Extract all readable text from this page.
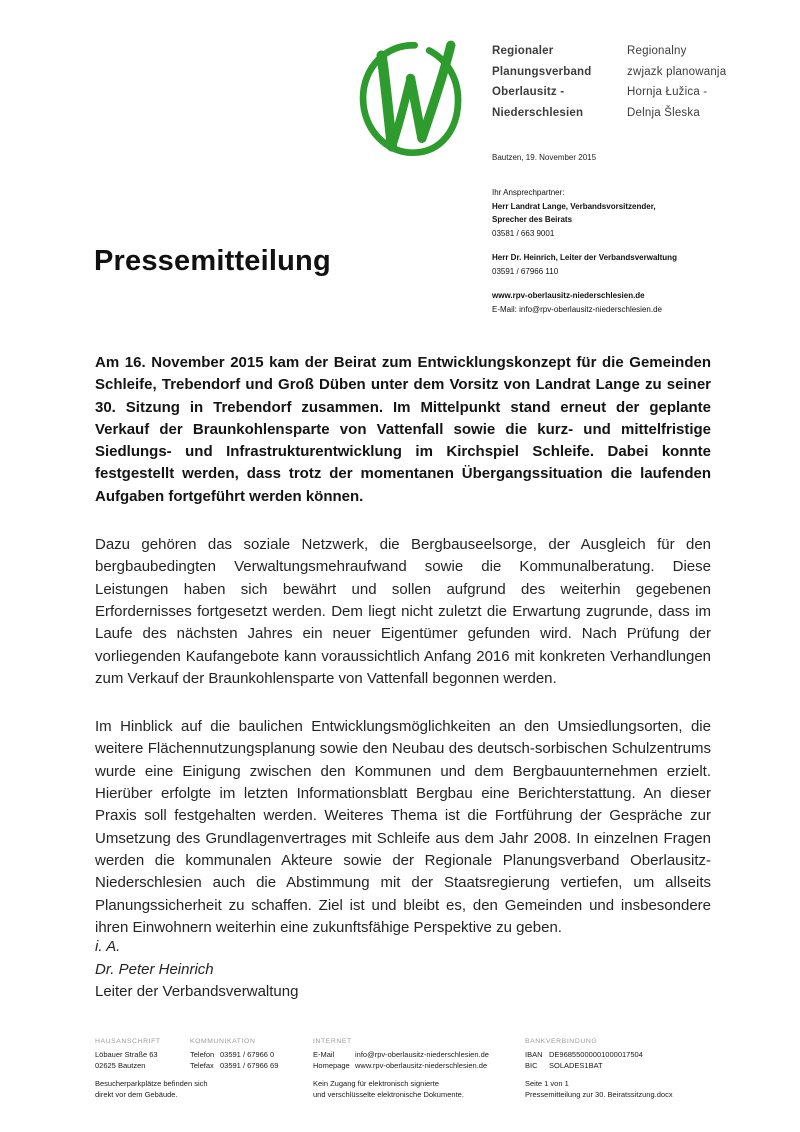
Regionaler
Planungsverband
Oberlausitz -
Niederschlesien
Regionalny
zwjazk planowanja
Hornja Łužica -
Delnja Šleska
Bautzen, 19. November 2015

Ihr Ansprechpartner:

Herr Landrat Lange, Verbandsvorsitzender,

Sprecher des Beirats

03581 / 663 9001

Herr Dr. Heinrich, Leiter der Verbandsverwaltung

03591 / 67966 110

www.rpv-oberlausitz-niederschlesien.de

E-Mail: info@rpv-oberlausitz-niederschlesien.de

Pressemitteilung

Am 16. November 2015 kam der Beirat zum Entwicklungskonzept für die Gemeinden Schleife, Trebendorf und Groß Düben unter dem Vorsitz von Landrat Lange zu seiner 30. Sitzung in Trebendorf zusammen. Im Mittelpunkt stand erneut der geplante Verkauf der Braunkohlensparte von Vattenfall sowie die kurz- und mittelfristige Siedlungs- und Infrastrukturentwicklung im Kirchspiel Schleife. Dabei konnte festgestellt werden, dass trotz der momentanen Übergangssituation die laufenden Aufgaben fortgeführt werden können.

Dazu gehören das soziale Netzwerk, die Bergbauseelsorge, der Ausgleich für den bergbaubedingten Verwaltungsmehraufwand sowie die Kommunalberatung. Diese Leistungen haben sich bewährt und sollen aufgrund des weiterhin gegebenen Erfordernisses fortgesetzt werden. Dem liegt nicht zuletzt die Erwartung zugrunde, dass im Laufe des nächsten Jahres ein neuer Eigentümer gefunden wird. Nach Prüfung der vorliegenden Kaufangebote kann voraussichtlich Anfang 2016 mit konkreten Verhandlungen zum Verkauf der Braunkohlensparte von Vattenfall begonnen werden.

Im Hinblick auf die baulichen Entwicklungsmöglichkeiten an den Umsiedlungsorten, die weitere Flächennutzungsplanung sowie den Neubau des deutsch-sorbischen Schulzentrums wurde eine Einigung zwischen den Kommunen und dem Bergbauunternehmen erzielt. Hierüber erfolgte im letzten Informationsblatt Bergbau eine Berichterstattung. An dieser Praxis soll festgehalten werden. Weiteres Thema ist die Fortführung der Gespräche zur Umsetzung des Grundlagenvertrages mit Schleife aus dem Jahr 2008. In einzelnen Fragen werden die kommunalen Akteure sowie der Regionale Planungsverband Oberlausitz-Niederschlesien auch die Abstimmung mit der Staatsregierung vertiefen, um allseits Planungssicherheit zu schaffen. Ziel ist und bleibt es, den Gemeinden und insbesondere ihren Einwohnern weiterhin eine zukunftsfähige Perspektive zu geben.

i. A.

Dr. Peter Heinrich

Leiter der Verbandsverwaltung

HAUSANSCHRIFT

Löbauer Straße 63

02625 Bautzen

Besucherparkplätze befinden sich

direkt vor dem Gebäude.

KOMMUNIKATION

Telefon 03591 / 67966 0

Telefax 03591 / 67966 69

INTERNET

E-Mail	info@rpv-oberlausitz-niederschlesien.de

Homepage www.rpv-oberlausitz-niederschlesien.de

Kein Zugang für elektronisch signierte

und verschlüsselte elektronische Dokumente.

BANKVERBINDUNG

IBAN DE96855000001000017504

BIC SOLADES1BAT

Seite 1 von 1

Pressemitteilung zur 30. Beiratssitzung.docx
